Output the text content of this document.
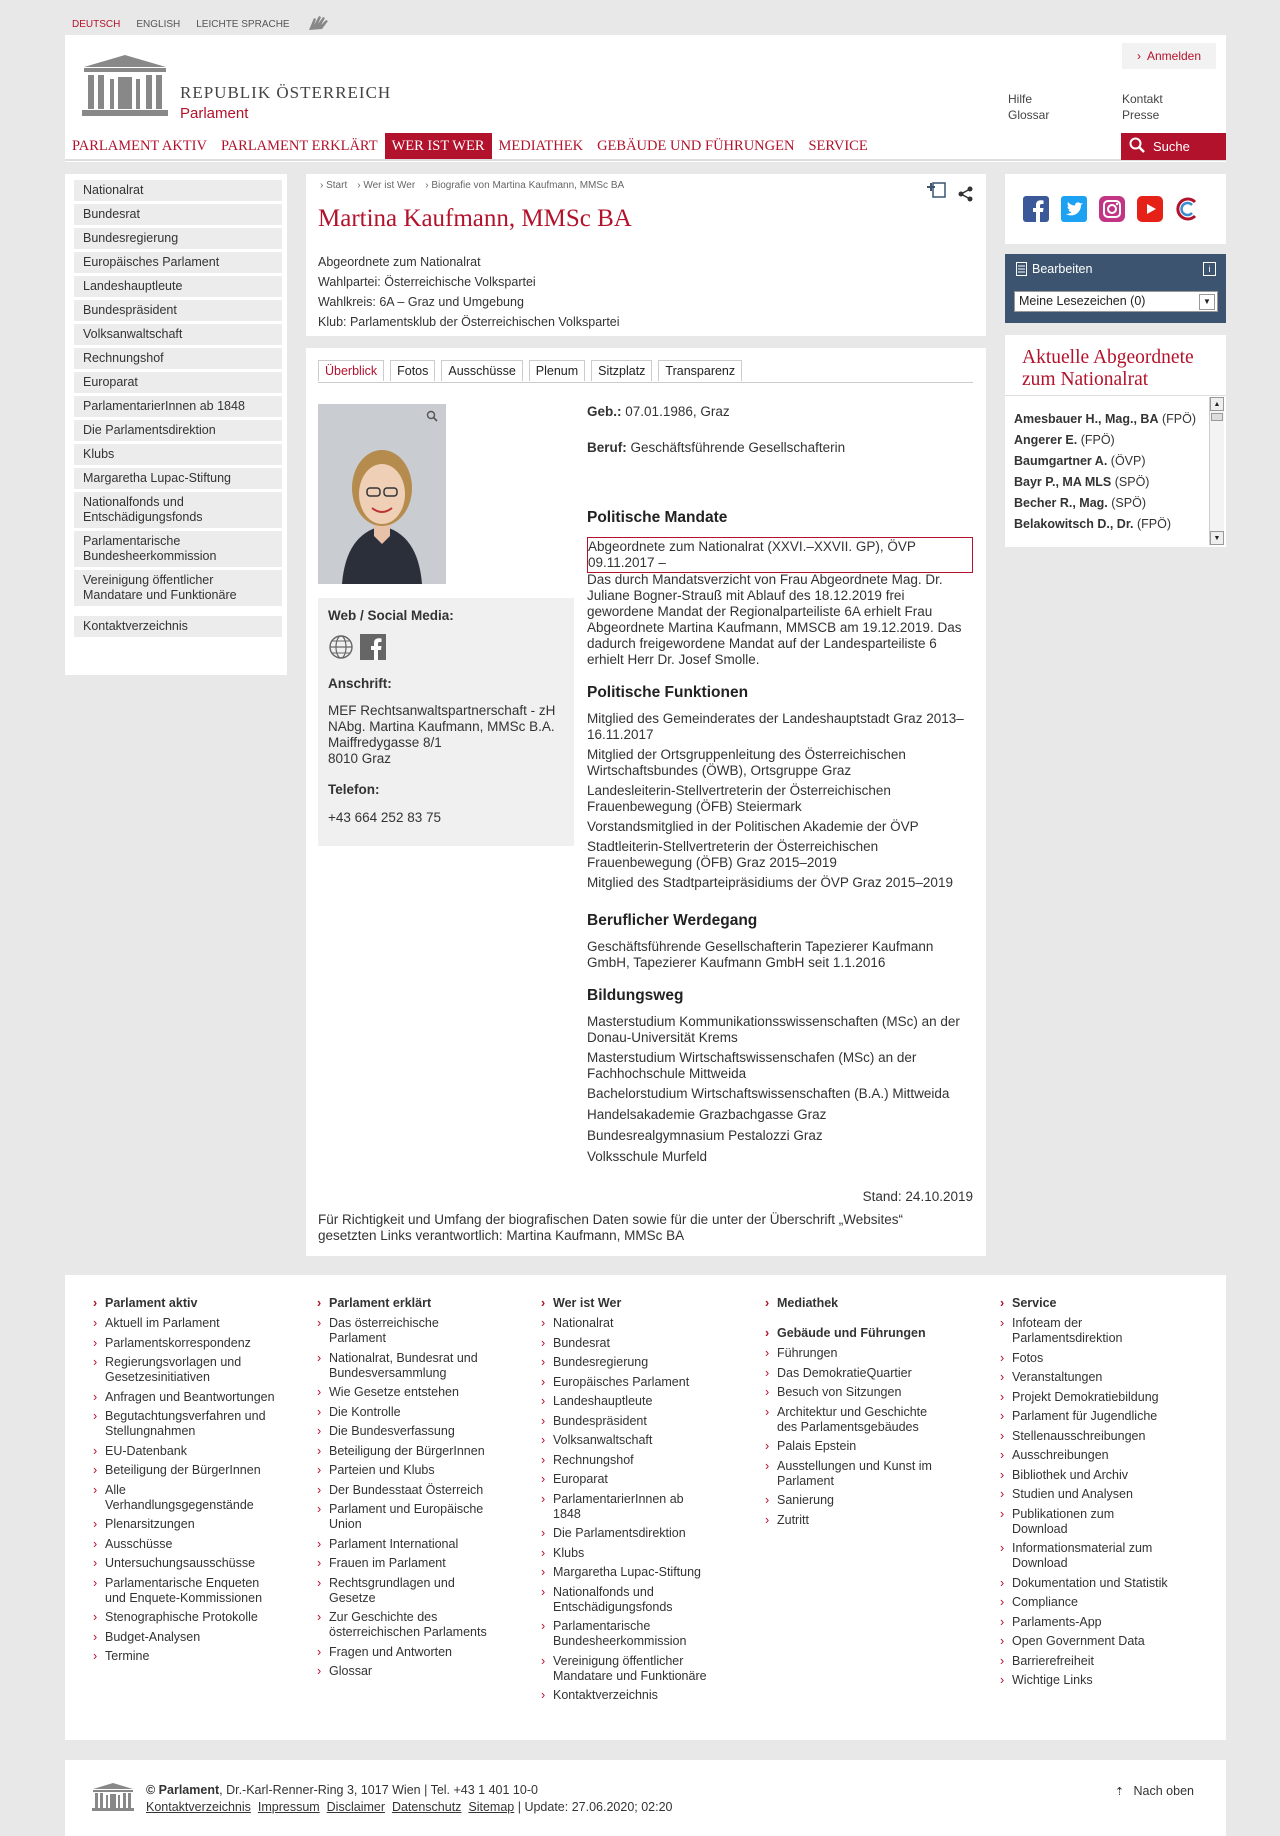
DEUTSCH ENGLISH LEICHTE SPRACHE
REPUBLIK ÖSTERREICH
Parlament
› Anmelden
Hilfe
Glossar
Kontakt
Presse
PARLAMENT AKTIV PARLAMENT ERKLÄRT WER IST WER MEDIATHEK GEBÄUDE UND FÜHRUNGEN SERVICE	Suche
Nationalrat
Bundesrat
Bundesregierung
Europäisches Parlament
Landeshauptleute
Bundespräsident
Volksanwaltschaft
Rechnungshof
Europarat
ParlamentarierInnen ab 1848
Die Parlamentsdirektion
Klubs
Margaretha Lupac-Stiftung
Nationalfonds und Entschädigungsfonds
Parlamentarische Bundesheerkommission
Vereinigung öffentlicher Mandatare und Funktionäre
Kontaktverzeichnis
› Start › Wer ist Wer › Biografie von Martina Kaufmann, MMSc BA
Martina Kaufmann, MMSc BA
Abgeordnete zum Nationalrat
Wahlpartei: Österreichische Volkspartei
Wahlkreis: 6A – Graz und Umgebung
Klub: Parlamentsklub der Österreichischen Volkspartei
Überblick	Fotos	Ausschüsse	Plenum	Sitzplatz	Transparenz
Web / Social Media:
Anschrift:
MEF Rechtsanwaltspartnerschaft - zH
NAbg. Martina Kaufmann, MMSc B.A.
Maiffredygasse 8/1
8010 Graz
Telefon:
+43 664 252 83 75

Geb.: 07.01.1986, Graz

Beruf: Geschäftsführende Gesellschafterin

Politische Mandate

Abgeordnete zum Nationalrat (XXVI.–XXVII. GP), ÖVP 09.11.2017 –

Das durch Mandatsverzicht von Frau Abgeordnete Mag. Dr. Juliane Bogner-Strauß mit Ablauf des 18.12.2019 frei gewordene Mandat der Regionalparteiliste 6A erhielt Frau Abgeordnete Martina Kaufmann, MMSCB am 19.12.2019. Das dadurch freigewordene Mandat auf der Landesparteiliste 6 erhielt Herr Dr. Josef Smolle.

Politische Funktionen

Mitglied des Gemeinderates der Landeshauptstadt Graz 2013–16.11.2017

Mitglied der Ortsgruppenleitung des Österreichischen Wirtschaftsbundes (ÖWB), Ortsgruppe Graz

Landesleiterin-Stellvertreterin der Österreichischen Frauenbewegung (ÖFB) Steiermark

Vorstandsmitglied in der Politischen Akademie der ÖVP

Stadtleiterin-Stellvertreterin der Österreichischen Frauenbewegung (ÖFB) Graz 2015–2019

Mitglied des Stadtparteipräsidiums der ÖVP Graz 2015–2019

Beruflicher Werdegang

Geschäftsführende Gesellschafterin Tapezierer Kaufmann GmbH, Tapezierer Kaufmann GmbH seit 1.1.2016

Bildungsweg

Masterstudium Kommunikationsswissenschaften (MSc) an der Donau-Universität Krems

Masterstudium Wirtschaftswissenschafen (MSc) an der Fachhochschule Mittweida

Bachelorstudium Wirtschaftswissenschaften (B.A.) Mittweida

Handelsakademie Grazbachgasse Graz

Bundesrealgymnasium Pestalozzi Graz

Volksschule Murfeld

Stand: 24.10.2019

Für Richtigkeit und Umfang der biografischen Daten sowie für die unter der Überschrift „Websites“ gesetzten Links verantwortlich: Martina Kaufmann, MMSc BA

Bearbeiten	i
Meine Lesezeichen (0)	▼
Aktuelle Abgeordnete zum Nationalrat
Amesbauer H., Mag., BA (FPÖ)
Angerer E. (FPÖ)
Baumgartner A. (ÖVP)
Bayr P., MA MLS (SPÖ)
Becher R., Mag. (SPÖ)
Belakowitsch D., Dr. (FPÖ)
▲
▼
› Parlament aktiv
› Aktuell im Parlament
› Parlamentskorrespondenz
› Regierungsvorlagen und Gesetzesinitiativen
› Anfragen und Beantwortungen
› Begutachtungsverfahren und Stellungnahmen
› EU-Datenbank
› Beteiligung der BürgerInnen
› Alle Verhandlungsgegenstände
› Plenarsitzungen
› Ausschüsse
› Untersuchungsausschüsse
› Parlamentarische Enqueten und Enquete-Kommissionen
› Stenographische Protokolle
› Budget-Analysen
› Termine
› Parlament erklärt
› Das österreichische Parlament
› Nationalrat, Bundesrat und Bundesversammlung
› Wie Gesetze entstehen
› Die Kontrolle
› Die Bundesverfassung
› Beteiligung der BürgerInnen
› Parteien und Klubs
› Der Bundesstaat Österreich
› Parlament und Europäische Union
› Parlament International
› Frauen im Parlament
› Rechtsgrundlagen und Gesetze
› Zur Geschichte des österreichischen Parlaments
› Fragen und Antworten
› Glossar
› Wer ist Wer
› Nationalrat
› Bundesrat
› Bundesregierung
› Europäisches Parlament
› Landeshauptleute
› Bundespräsident
› Volksanwaltschaft
› Rechnungshof
› Europarat
› ParlamentarierInnen ab 1848
› Die Parlamentsdirektion
› Klubs
› Margaretha Lupac-Stiftung
› Nationalfonds und Entschädigungsfonds
› Parlamentarische Bundesheerkommission
› Vereinigung öffentlicher Mandatare und Funktionäre
› Kontaktverzeichnis
› Mediathek
› Gebäude und Führungen
› Führungen
› Das DemokratieQuartier
› Besuch von Sitzungen
› Architektur und Geschichte des Parlamentsgebäudes
› Palais Epstein
› Ausstellungen und Kunst im Parlament
› Sanierung
› Zutritt
› Service
› Infoteam der Parlamentsdirektion
› Fotos
› Veranstaltungen
› Projekt Demokratiebildung
› Parlament für Jugendliche
› Stellenausschreibungen
› Ausschreibungen
› Bibliothek und Archiv
› Studien und Analysen
› Publikationen zum Download
› Informationsmaterial zum Download
› Dokumentation und Statistik
› Compliance
› Parlaments-App
› Open Government Data
› Barrierefreiheit
› Wichtige Links
© Parlament, Dr.-Karl-Renner-Ring 3, 1017 Wien | Tel. +43 1 401 10-0
Kontaktverzeichnis Impressum Disclaimer Datenschutz Sitemap | Update: 27.06.2020; 02:20
⇡ Nach oben
